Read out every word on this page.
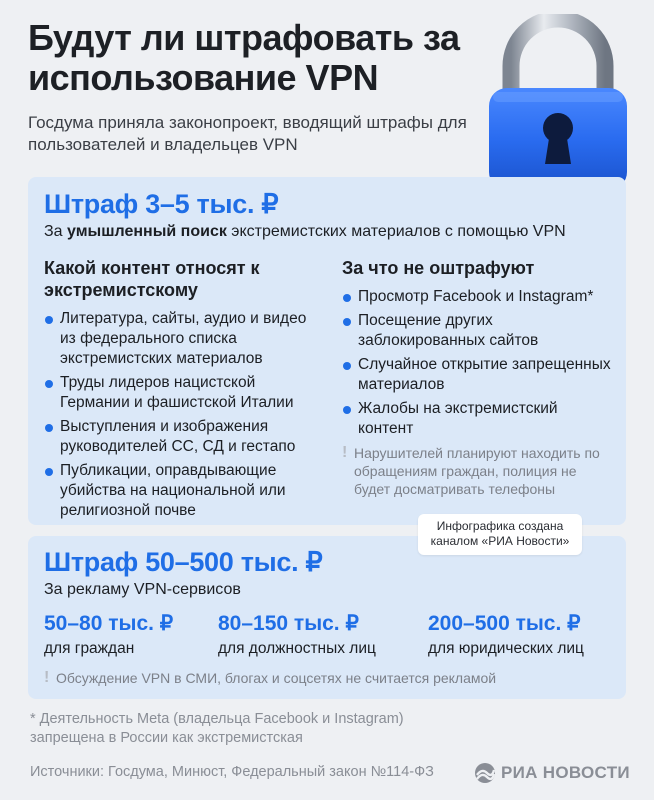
Будут ли штрафовать за использование VPN
Госдума приняла законопроект, вводящий штрафы для пользователей и владельцев VPN
Штраф 3–5 тыс. ₽
За умышленный поиск экстремистских материалов с помощью VPN
Какой контент относят к экстремистскому
Литература, сайты, аудио и видео из федерального списка экстремистских материалов
Труды лидеров нацистской Германии и фашистской Италии
Выступления и изображения руководителей СС, СД и гестапо
Публикации, оправдывающие убийства на национальной или религиозной почве
За что не оштрафуют
Просмотр Facebook и Instagram*
Посещение других заблокированных сайтов
Случайное открытие запрещенных материалов
Жалобы на экстремистский контент
! Нарушителей планируют находить по обращениям граждан, полиция не будет досматривать телефоны
Штраф 50–500 тыс. ₽
За рекламу VPN-сервисов
50–80 тыс. ₽
для граждан
80–150 тыс. ₽
для должностных лиц
200–500 тыс. ₽
для юридических лиц
! Обсуждение VPN в СМИ, блогах и соцсетях не считается рекламой
Инфографика создана каналом «РИА Новости»
* Деятельность Meta (владельца Facebook и Instagram) запрещена в России как экстремистская
Источники: Госдума, Минюст, Федеральный закон №114-ФЗ	РИА НОВОСТИ
